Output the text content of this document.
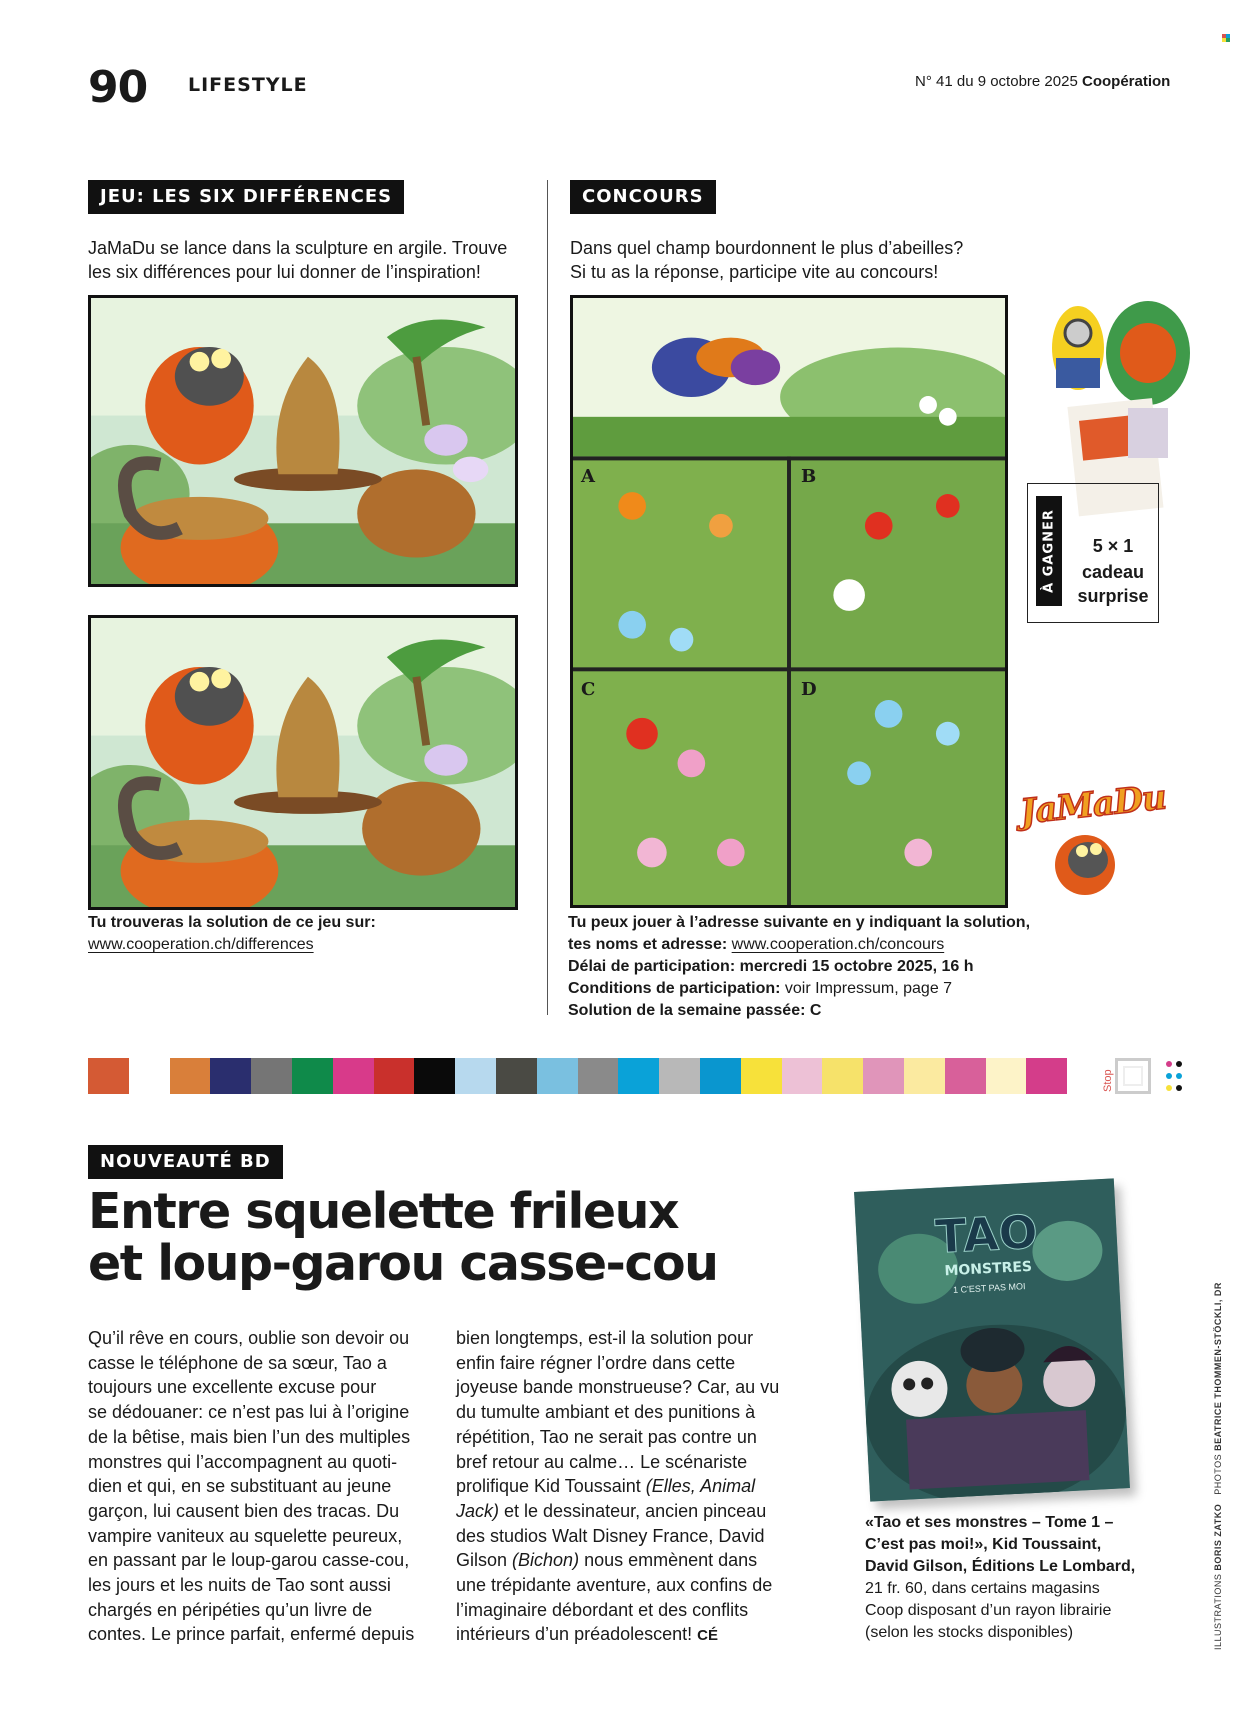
90 LIFESTYLE	N° 41 du 9 octobre 2025 Coopération
JEU: LES SIX DIFFÉRENCES
JaMaDu se lance dans la sculpture en argile. Trouve
les six différences pour lui donner de l’inspiration!
Tu trouveras la solution de ce jeu sur:
www.cooperation.ch/differences
CONCOURS
Dans quel champ bourdonnent le plus d’abeilles?
Si tu as la réponse, participe vite au concours!
A	B
C	D
Tu peux jouer à l’adresse suivante en y indiquant la solution,
tes noms et adresse: www.cooperation.ch/concours
Délai de participation: mercredi 15 octobre 2025, 16 h
Conditions de participation: voir Impressum, page 7
Solution de la semaine passée: C
À GAGNER	5 × 1
cadeau
surprise
JaMaDu
Stop
NOUVEAUTÉ BD
Entre squelette frileux
et loup-garou casse-cou
Qu’il rêve en cours, oublie son devoir ou
casse le téléphone de sa sœur, Tao a
toujours une excellente excuse pour
se dédouaner: ce n’est pas lui à l’origine
de la bêtise, mais bien l’un des multiples
monstres qui l’accompagnent au quoti-
dien et qui, en se substituant au jeune
garçon, lui causent bien des tracas. Du
vampire vaniteux au squelette peureux,
en passant par le loup-garou casse-cou,
les jours et les nuits de Tao sont aussi
chargés en péripéties qu’un livre de
contes. Le prince parfait, enfermé depuis
bien longtemps, est-il la solution pour
enfin faire régner l’ordre dans cette
joyeuse bande monstrueuse? Car, au vu
du tumulte ambiant et des punitions à
répétition, Tao ne serait pas contre un
bref retour au calme… Le scénariste
prolifique Kid Toussaint (Elles, Animal
Jack) et le dessinateur, ancien pinceau
des studios Walt Disney France, David
Gilson (Bichon) nous emmènent dans
une trépidante aventure, aux confins de
l’imaginaire débordant et des conflits
intérieurs d’un préadolescent! CÉ
TAO
MONSTRES
1 C'EST PAS MOI
«Tao et ses monstres – Tome 1 –
C’est pas moi!», Kid Toussaint,
David Gilson, Éditions Le Lombard,
21 fr. 60, dans certains magasins
Coop disposant d’un rayon librairie
(selon les stocks disponibles)	ILLUSTRATIONS BORIS ZATKO   PHOTOS BEATRICE THOMMEN-STÖCKLI, DR
